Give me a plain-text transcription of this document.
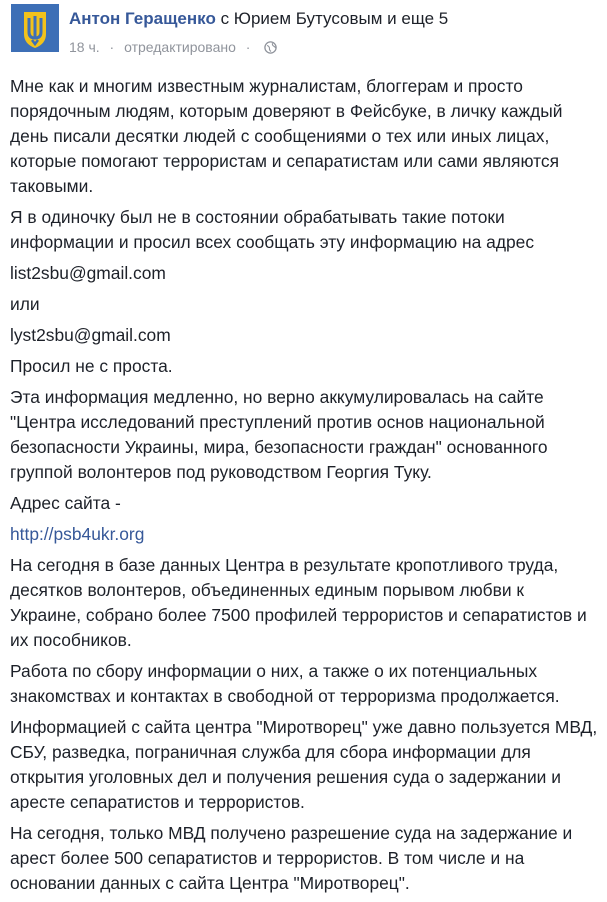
Антон Геращенко с Юрием Бутусовым и еще 5
18 ч. · отредактировано ·

Мне как и многим известным журналистам, блоггерам и просто порядочным людям, которым доверяют в Фейсбуке, в личку каждый день писали десятки людей с сообщениями о тех или иных лицах, которые помогают террористам и сепаратистам или сами являются таковыми.

Я в одиночку был не в состоянии обрабатывать такие потоки информации и просил всех сообщать эту информацию на адрес

list2sbu@gmail.com

или

lyst2sbu@gmail.com

Просил не с проста.

Эта информация медленно, но верно аккумулировалась на сайте "Центра исследований преступлений против основ национальной безопасности Украины, мира, безопасности граждан" основанного группой волонтеров под руководством Георгия Туку.

Адрес сайта -

http://psb4ukr.org

На сегодня в базе данных Центра в результате кропотливого труда, десятков волонтеров, объединенных единым порывом любви к Украине, собрано более 7500 профилей террористов и сепаратистов и их пособников.

Работа по сбору информации о них, а также о их потенциальных знакомствах и контактах в свободной от терроризма продолжается.

Информацией с сайта центра "Миротворец" уже давно пользуется МВД, СБУ, разведка, пограничная служба для сбора информации для открытия уголовных дел и получения решения суда о задержании и аресте сепаратистов и террористов.

На сегодня, только МВД получено разрешение суда на задержание и арест более 500 сепаратистов и террористов. В том числе и на основании данных с сайта Центра "Миротворец".
